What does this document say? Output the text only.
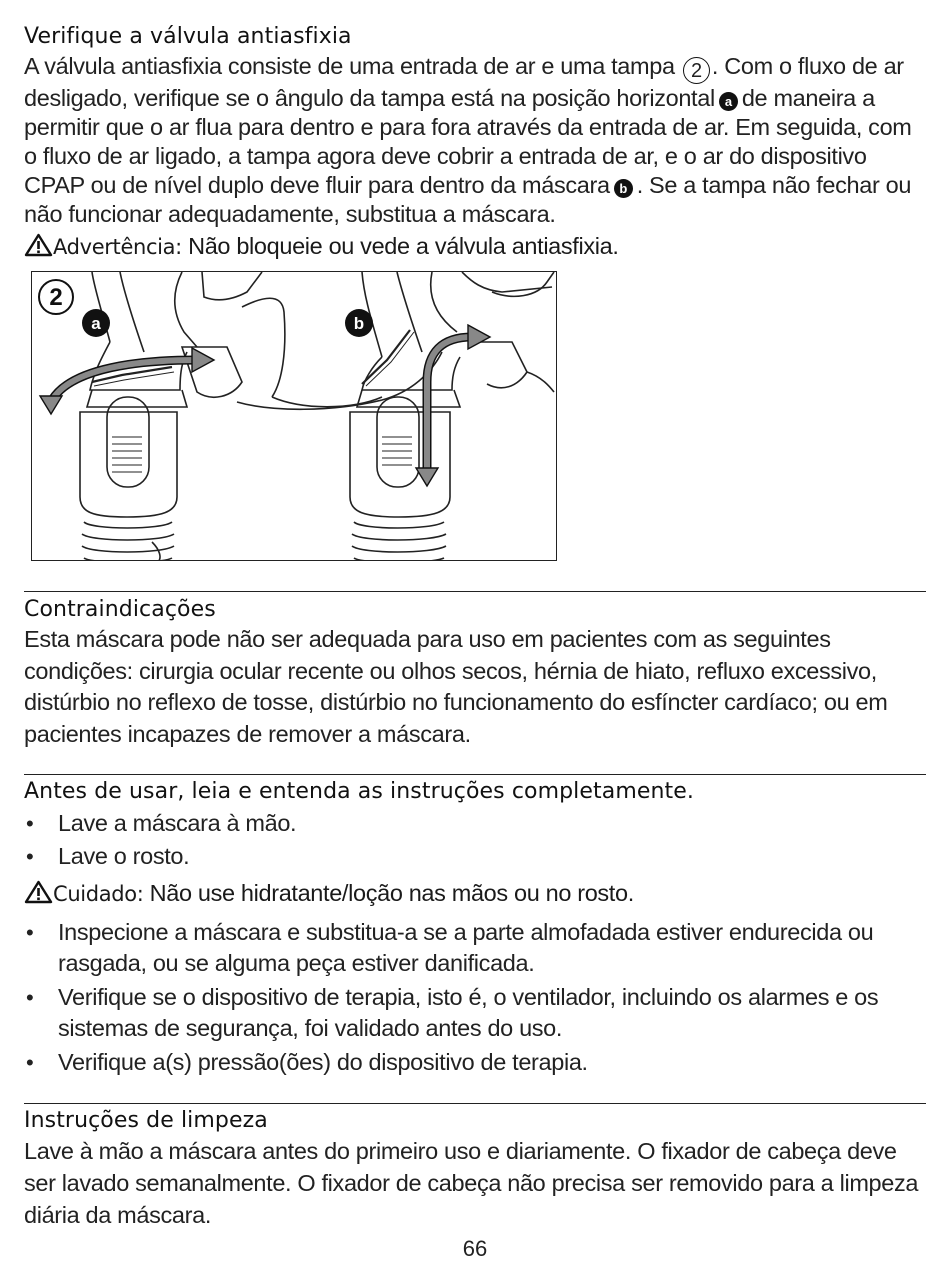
Verifique a válvula antiasfixia

A válvula antiasfixia consiste de uma entrada de ar e uma tampa 2 . Com o fluxo de ar desligado, verifique se o ângulo da tampa está na posição horizontal a de maneira a permitir que o ar flua para dentro e para fora através da entrada de ar. Em seguida, com o fluxo de ar ligado, a tampa agora deve cobrir a entrada de ar, e o ar do dispositivo CPAP ou de nível duplo deve fluir para dentro da máscara b . Se a tampa não fechar ou não funcionar adequadamente, substitua a máscara.

Advertência: Não bloqueie ou vede a válvula antiasfixia.

2
a	b
Contraindicações

Esta máscara pode não ser adequada para uso em pacientes com as seguintes condições: cirurgia ocular recente ou olhos secos, hérnia de hiato, refluxo excessivo, distúrbio no reflexo de tosse, distúrbio no funcionamento do esfíncter cardíaco; ou em pacientes incapazes de remover a máscara.

Antes de usar, leia e entenda as instruções completamente.
• Lave a máscara à mão.
• Lave o rosto.

Cuidado: Não use hidratante/loção nas mãos ou no rosto.

• Inspecione a máscara e substitua-a se a parte almofadada estiver endurecida ou rasgada, ou se alguma peça estiver danificada.
• Verifique se o dispositivo de terapia, isto é, o ventilador, incluindo os alarmes e os sistemas de segurança, foi validado antes do uso.
• Verifique a(s) pressão(ões) do dispositivo de terapia.
Instruções de limpeza

Lave à mão a máscara antes do primeiro uso e diariamente. O fixador de cabeça deve ser lavado semanalmente. O fixador de cabeça não precisa ser removido para a limpeza diária da máscara.

66
